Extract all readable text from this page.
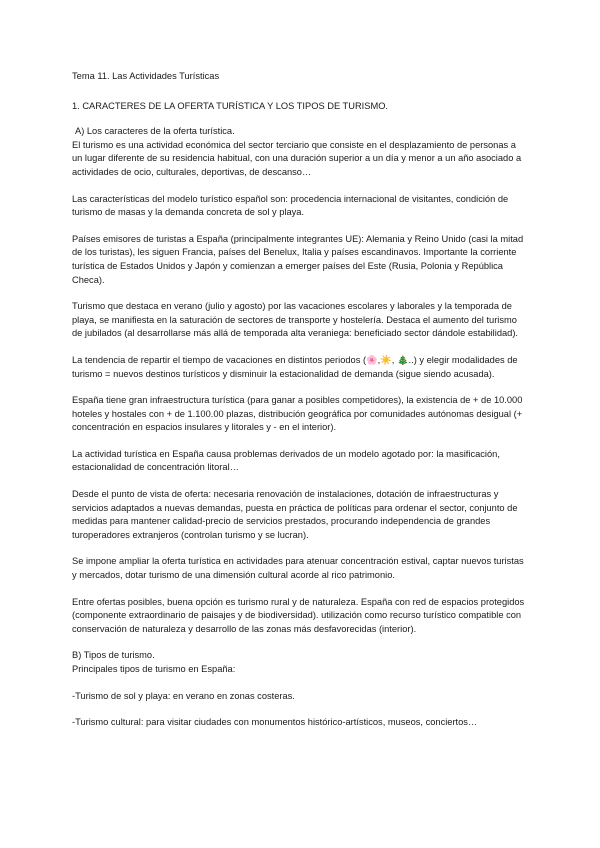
Tema 11. Las Actividades Turísticas

1. CARACTERES DE LA OFERTA TURÍSTICA Y LOS TIPOS DE TURISMO.

A) Los caracteres de la oferta turística.

El turismo es una actividad económica del sector terciario que consiste en el desplazamiento de personas a un lugar diferente de su residencia habitual, con una duración superior a un día y menor a un año asociado a actividades de ocio, culturales, deportivas, de descanso…

Las características del modelo turístico español son: procedencia internacional de visitantes, condición de turismo de masas y la demanda concreta de sol y playa.

Países emisores de turistas a España (principalmente integrantes UE): Alemania y Reino Unido (casi la mitad de los turistas), les siguen Francia, países del Benelux, Italia y países escandinavos. Importante la corriente turística de Estados Unidos y Japón y comienzan a emerger países del Este (Rusia, Polonia y República Checa).

Turismo que destaca en verano (julio y agosto) por las vacaciones escolares y laborales y la temporada de playa, se manifiesta en la saturación de sectores de transporte y hostelería. Destaca el aumento del turismo de jubilados (al desarrollarse más allá de temporada alta veraniega: beneficiado sector dándole estabilidad).

La tendencia de repartir el tiempo de vacaciones en distintos periodos (🌸,☀️, 🎄..) y elegir modalidades de turismo = nuevos destinos turísticos y disminuir la estacionalidad de demanda (sigue siendo acusada).

España tiene gran infraestructura turística (para ganar a posibles competidores), la existencia de + de 10.000 hoteles y hostales con + de 1.100.00 plazas, distribución geográfica por comunidades autónomas desigual (+ concentración en espacios insulares y litorales y - en el interior).

La actividad turística en España causa problemas derivados de un modelo agotado por: la masificación, estacionalidad de concentración litoral…

Desde el punto de vista de oferta: necesaria renovación de instalaciones, dotación de infraestructuras y servicios adaptados a nuevas demandas, puesta en práctica de políticas para ordenar el sector, conjunto de medidas para mantener calidad-precio de servicios prestados, procurando independencia de grandes turoperadores extranjeros (controlan turismo y se lucran).

Se impone ampliar la oferta turística en actividades para atenuar concentración estival, captar nuevos turistas y mercados, dotar turismo de una dimensión cultural acorde al rico patrimonio.

Entre ofertas posibles, buena opción es turismo rural y de naturaleza. España con red de espacios protegidos (componente extraordinario de paisajes y de biodiversidad). utilización como recurso turístico compatible con conservación de naturaleza y desarrollo de las zonas más desfavorecidas (interior).

B) Tipos de turismo.

Principales tipos de turismo en España:

-Turismo de sol y playa: en verano en zonas costeras.

-Turismo cultural: para visitar ciudades con monumentos histórico-artísticos, museos, conciertos…
